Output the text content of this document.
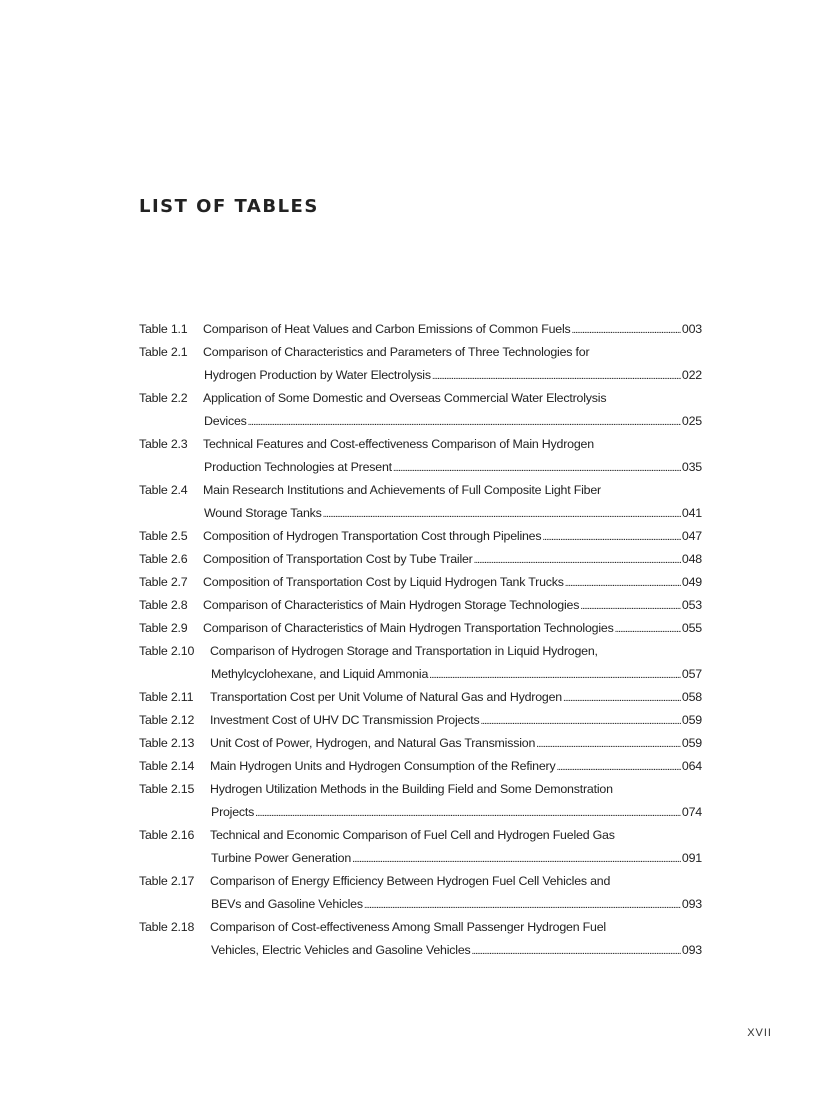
LIST OF TABLES
Table 1.1	Comparison of Heat Values and Carbon Emissions of Common Fuels . . .	003
Table 2.1	Comparison of Characteristics and Parameters of Three Technologies for
Hydrogen Production by Water Electrolysis . . .	022
Table 2.2	Application of Some Domestic and Overseas Commercial Water Electrolysis
Devices . . .	025
Table 2.3	Technical Features and Cost-effectiveness Comparison of Main Hydrogen
Production Technologies at Present . . .	035
Table 2.4	Main Research Institutions and Achievements of Full Composite Light Fiber
Wound Storage Tanks . . .	041
Table 2.5	Composition of Hydrogen Transportation Cost through Pipelines . . .	047
Table 2.6	Composition of Transportation Cost by Tube Trailer . . .	048
Table 2.7	Composition of Transportation Cost by Liquid Hydrogen Tank Trucks . . .	049
Table 2.8	Comparison of Characteristics of Main Hydrogen Storage Technologies . . .	053
Table 2.9	Comparison of Characteristics of Main Hydrogen Transportation Technologies . . .	055
Table 2.10	Comparison of Hydrogen Storage and Transportation in Liquid Hydrogen,
Methylcyclohexane, and Liquid Ammonia . . .	057
Table 2.11	Transportation Cost per Unit Volume of Natural Gas and Hydrogen . . .	058
Table 2.12	Investment Cost of UHV DC Transmission Projects . . .	059
Table 2.13	Unit Cost of Power, Hydrogen, and Natural Gas Transmission . . .	059
Table 2.14	Main Hydrogen Units and Hydrogen Consumption of the Refinery . . .	064
Table 2.15	Hydrogen Utilization Methods in the Building Field and Some Demonstration
Projects . . .	074
Table 2.16	Technical and Economic Comparison of Fuel Cell and Hydrogen Fueled Gas
Turbine Power Generation . . .	091
Table 2.17	Comparison of Energy Efficiency Between Hydrogen Fuel Cell Vehicles and
BEVs and Gasoline Vehicles . . .	093
Table 2.18	Comparison of Cost-effectiveness Among Small Passenger Hydrogen Fuel
Vehicles, Electric Vehicles and Gasoline Vehicles . . .	093
XVII
